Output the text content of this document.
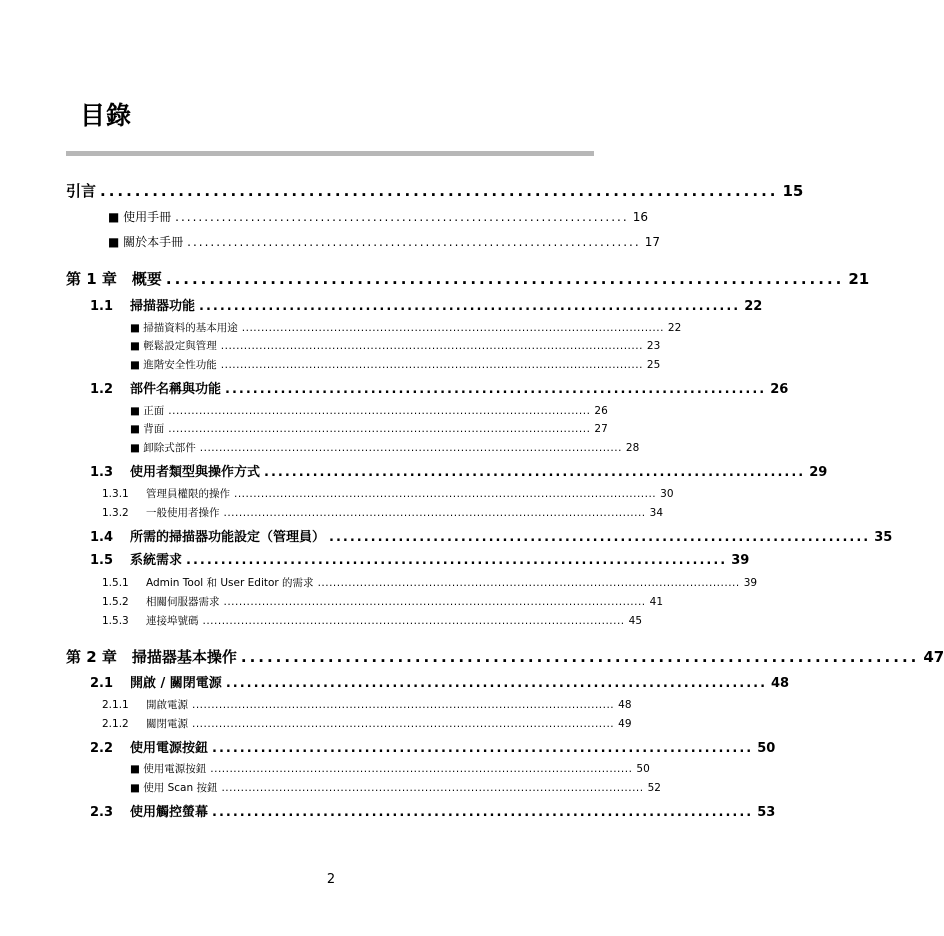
目錄
引言 .............................................................................. 15
■ 使用手冊 .............................................................................. 16
■ 關於本手冊 .............................................................................. 17
第 1 章　概要 .............................................................................. 21
1.1 掃描器功能 .............................................................................. 22
■ 掃描資料的基本用途 .............................................................................................................. 22
■ 輕鬆設定與管理 .............................................................................................................. 23
■ 進階安全性功能 .............................................................................................................. 25
1.2 部件名稱與功能 .............................................................................. 26
■ 正面 .............................................................................................................. 26
■ 背面 .............................................................................................................. 27
■ 卸除式部件 .............................................................................................................. 28
1.3 使用者類型與操作方式 .............................................................................. 29
1.3.1 管理員權限的操作 .............................................................................................................. 30
1.3.2 一般使用者操作 .............................................................................................................. 34
1.4 所需的掃描器功能設定（管理員） .............................................................................. 35
1.5 系統需求 .............................................................................. 39
1.5.1 Admin Tool 和 User Editor 的需求 .............................................................................................................. 39
1.5.2 相關伺服器需求 .............................................................................................................. 41
1.5.3 連接埠號碼 .............................................................................................................. 45
第 2 章　掃描器基本操作 .............................................................................. 47
2.1 開啟 / 關閉電源 .............................................................................. 48
2.1.1 開啟電源 .............................................................................................................. 48
2.1.2 關閉電源 .............................................................................................................. 49
2.2 使用電源按鈕 .............................................................................. 50
■ 使用電源按鈕 .............................................................................................................. 50
■ 使用 Scan 按鈕 .............................................................................................................. 52
2.3 使用觸控螢幕 .............................................................................. 53
2
